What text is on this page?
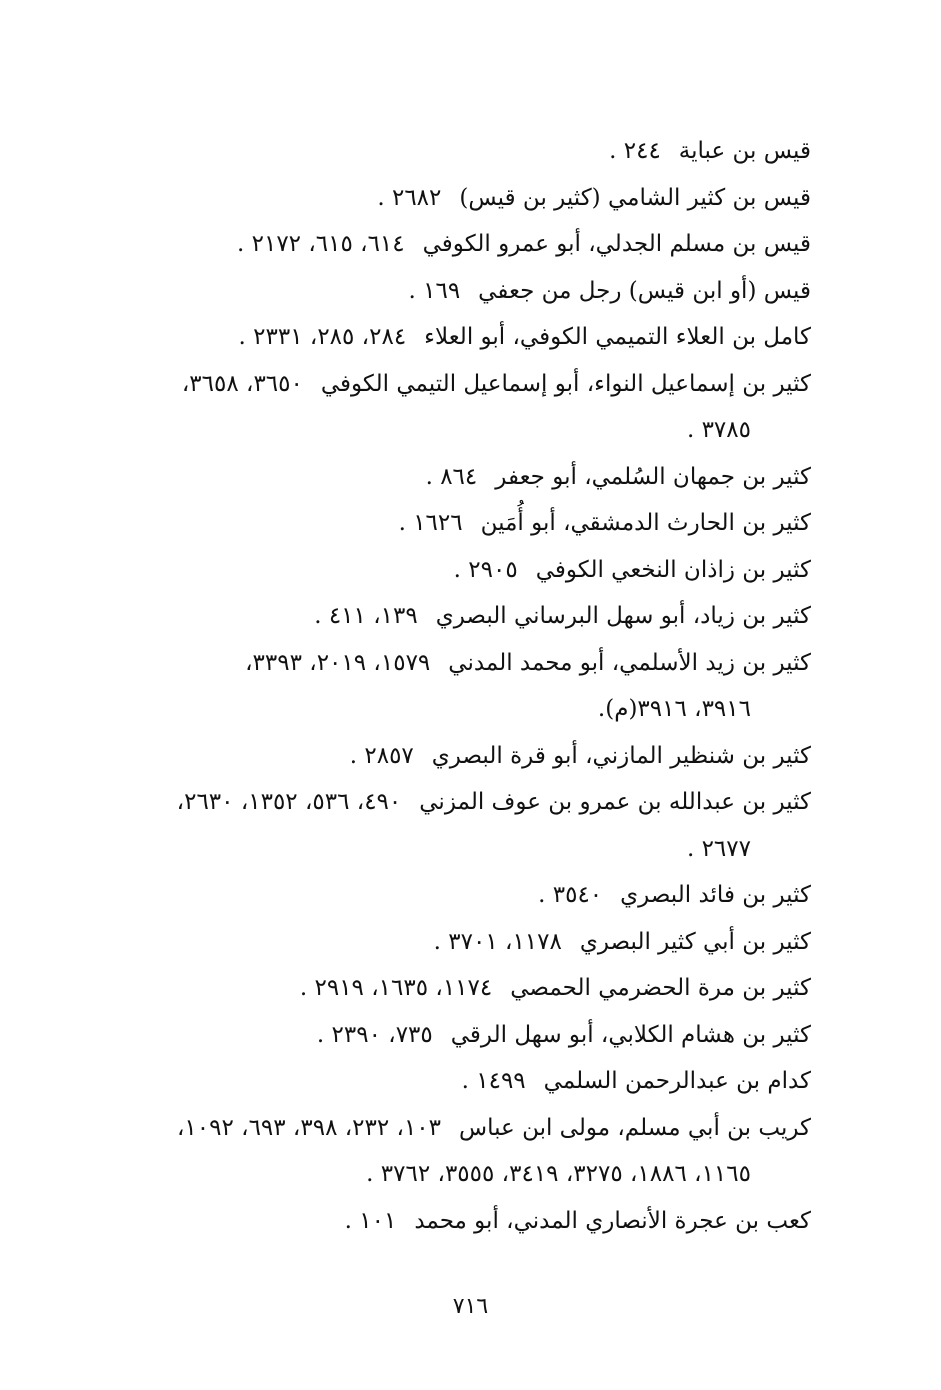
قيس بن عباية٢٤٤ .
قيس بن كثير الشامي (كثير بن قيس)٢٦٨٢ .
قيس بن مسلم الجدلي، أبو عمرو الكوفي٦١٤، ٦١٥، ٢١٧٢ .
قيس (أو ابن قيس) رجل من جعفي١٦٩ .
كامل بن العلاء التميمي الكوفي، أبو العلاء٢٨٤، ٢٨٥، ٢٣٣١ .
كثير بن إسماعيل النواء، أبو إسماعيل التيمي الكوفي٣٦٥٠، ٣٦٥٨،
٣٧٨٥ .
كثير بن جمهان السُلمي، أبو جعفر٨٦٤ .
كثير بن الحارث الدمشقي، أبو أُمَين١٦٢٦ .
كثير بن زاذان النخعي الكوفي٢٩٠٥ .
كثير بن زياد، أبو سهل البرساني البصري١٣٩، ٤١١ .
كثير بن زيد الأسلمي، أبو محمد المدني١٥٧٩، ٢٠١٩، ٣٣٩٣،
٣٩١٦، ٣٩١٦(م).
كثير بن شنظير المازني، أبو قرة البصري٢٨٥٧ .
كثير بن عبدالله بن عمرو بن عوف المزني٤٩٠، ٥٣٦، ١٣٥٢، ٢٦٣٠،
٢٦٧٧ .
كثير بن فائد البصري٣٥٤٠ .
كثير بن أبي كثير البصري١١٧٨، ٣٧٠١ .
كثير بن مرة الحضرمي الحمصي١١٧٤، ١٦٣٥، ٢٩١٩ .
كثير بن هشام الكلابي، أبو سهل الرقي٧٣٥، ٢٣٩٠ .
كدام بن عبدالرحمن السلمي١٤٩٩ .
كريب بن أبي مسلم، مولى ابن عباس١٠٣، ٢٣٢، ٣٩٨، ٦٩٣، ١٠٩٢،
١١٦٥، ١٨٨٦، ٣٢٧٥، ٣٤١٩، ٣٥٥٥، ٣٧٦٢ .
كعب بن عجرة الأنصاري المدني، أبو محمد١٠١ .
٧١٦
